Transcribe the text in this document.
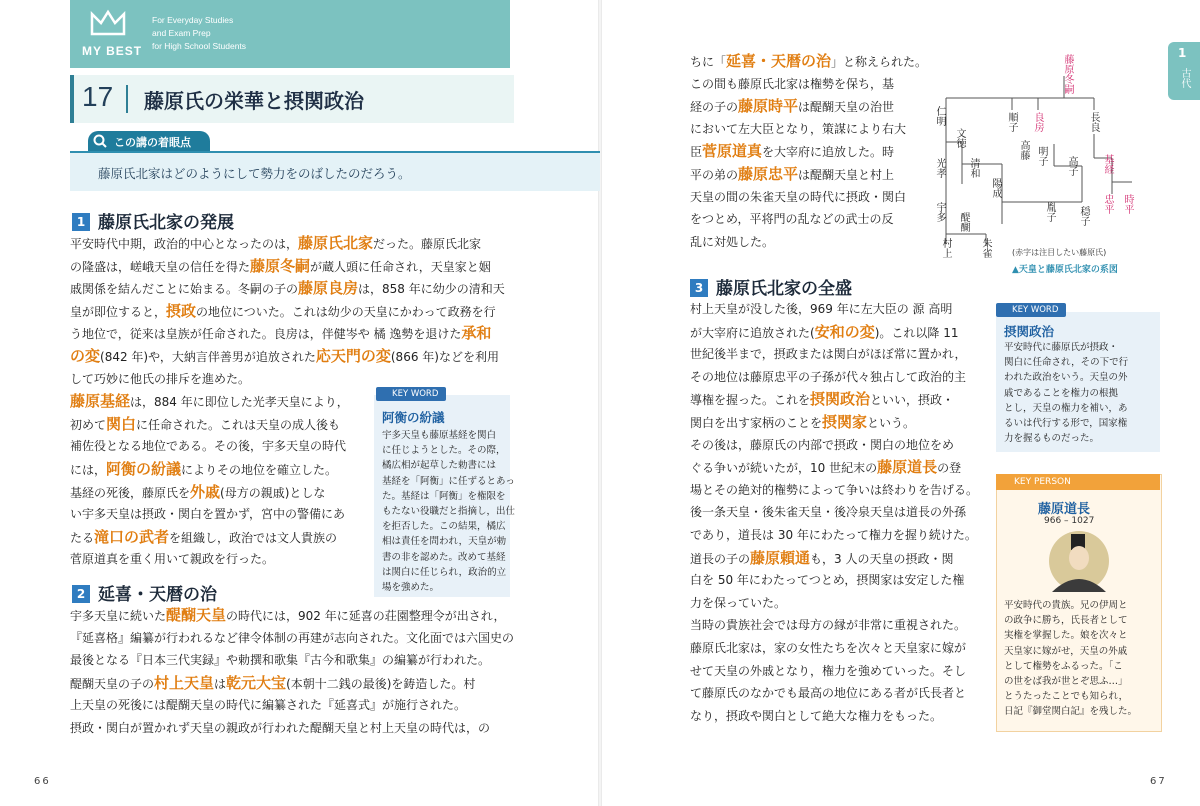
MY BEST
For Everyday Studies
and Exam Prep
for High School Students
17 藤原氏の栄華と摂関政治
この講の着眼点
藤原氏北家はどのようにして勢力をのばしたのだろう。
1 藤原氏北家の発展
平安時代中期，政治的中心となったのは，藤原氏北家だった。藤原氏北家
の隆盛は，嵯峨天皇の信任を得た藤原冬嗣が蔵人頭に任命され，天皇家と姻
戚関係を結んだことに始まる。冬嗣の子の藤原良房は，858 年に幼少の清和天
皇が即位すると，摂政の地位についた。これは幼少の天皇にかわって政務を行
う地位で，従来は皇族が任命された。良房は，伴健岑や 橘 逸勢を退けた承和
の変(842 年)や，大納言伴善男が追放された応天門の変(866 年)などを利用
して巧妙に他氏の排斥を進めた。
藤原基経は，884 年に即位した光孝天皇により，
初めて関白に任命された。これは天皇の成人後も
補佐役となる地位である。その後，宇多天皇の時代
には，阿衡の紛議によりその地位を確立した。
基経の死後，藤原氏を外戚(母方の親戚)としな
い宇多天皇は摂政・関白を置かず，宮中の警備にあ
たる滝口の武者を組織し，政治では文人貴族の
菅原道真を重く用いて親政を行った。
KEY WORD
阿衡の紛議
宇多天皇も藤原基経を関白
に任じようとした。その際，
橘広相が起草した勅書には
基経を「阿衡」に任ずるとあっ
た。基経は「阿衡」を権限を
もたない役職だと指摘し，出仕
を拒否した。この結果，橘広
相は責任を問われ，天皇が勅
書の非を認めた。改めて基経
は関白に任じられ，政治的立
場を強めた。
2 延喜・天暦の治
宇多天皇に続いた醍醐天皇の時代には，902 年に延喜の荘園整理令が出され，
『延喜格』編纂が行われるなど律令体制の再建が志向された。文化面では六国史の
最後となる『日本三代実録』や勅撰和歌集『古今和歌集』の編纂が行われた。
醍醐天皇の子の村上天皇は乾元大宝(本朝十二銭の最後)を鋳造した。村
上天皇の死後には醍醐天皇の時代に編纂された『延喜式』が施行された。
摂政・関白が置かれず天皇の親政が行われた醍醐天皇と村上天皇の時代は，の
66
ちに「延喜・天暦の治」と称えられた。
この間も藤原氏北家は権勢を保ち，基
経の子の藤原時平は醍醐天皇の治世
において左大臣となり，策謀により右大
臣菅原道真を大宰府に追放した。時
平の弟の藤原忠平は醍醐天皇と村上
天皇の間の朱雀天皇の時代に摂政・関白
をつとめ，平将門の乱などの武士の反
乱に対処した。
藤原冬嗣
順子 良房	長良
仁明
文徳
明子
清和
高藤
高子	基経
光孝
陽成
胤子
宇多	忠平 時平
醍醐	穏子
村上	朱雀	(赤字は注目したい藤原氏)
▲天皇と藤原氏北家の系図
1
古代
3 藤原氏北家の全盛
村上天皇が没した後，969 年に左大臣の 源 高明
が大宰府に追放された(安和の変)。これ以降 11
世紀後半まで，摂政または関白がほぼ常に置かれ，
その地位は藤原忠平の子孫が代々独占して政治的主
導権を握った。これを摂関政治といい，摂政・
関白を出す家柄のことを摂関家という。
その後は，藤原氏の内部で摂政・関白の地位をめ
ぐる争いが続いたが，10 世紀末の藤原道長の登
場とその絶対的権勢によって争いは終わりを告げる。
後一条天皇・後朱雀天皇・後冷泉天皇は道長の外孫
であり，道長は 30 年にわたって権力を握り続けた。
道長の子の藤原頼通も，3 人の天皇の摂政・関
白を 50 年にわたってつとめ，摂関家は安定した権
力を保っていた。
当時の貴族社会では母方の縁が非常に重視された。
藤原氏北家は，家の女性たちを次々と天皇家に嫁が
せて天皇の外戚となり，権力を強めていった。そし
て藤原氏のなかでも最高の地位にある者が氏長者と
なり，摂政や関白として絶大な権力をもった。
KEY WORD
摂関政治
平安時代に藤原氏が摂政・
関白に任命され，その下で行
われた政治をいう。天皇の外
戚であることを権力の根拠
とし，天皇の権力を補い，あ
るいは代行する形で，国家権
力を握るものだった。
KEY PERSON
藤原道長
966 – 1027
平安時代の貴族。兄の伊周と
の政争に勝ち，氏長者として
実権を掌握した。娘を次々と
天皇家に嫁がせ，天皇の外戚
として権勢をふるった。「こ
の世をば我が世とぞ思ふ…」
とうたったことでも知られ，
日記『御堂関白記』を残した。
67
